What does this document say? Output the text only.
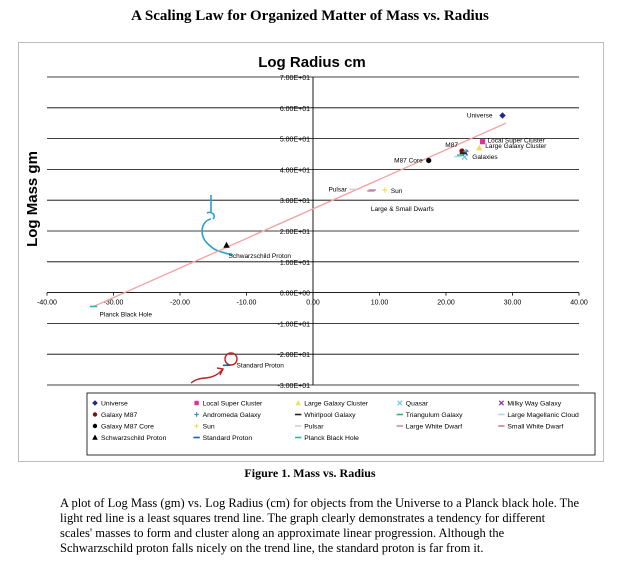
A Scaling Law for Organized Matter of Mass vs. Radius
-3.00E+01
-2.00E+01
-1.00E+01
0.00E+00
1.00E+01
2.00E+01
3.00E+01
4.00E+01
5.00E+01
6.00E+01
7.00E+01
-40.00	-30.00	-20.00	-10.00	0.00	10.00	20.00	30.00	40.00
Universe
Local Super Cluster
Large Galaxy Cluster
Galaxies
M87
M87 Core
Sun
Pulsar
Large & Small Dwarfs
Schwarzschild Proton
Standard Proton
Planck Black Hole
Log Radius cm
Log Mass gm
Universe	Local Super Cluster	Large Galaxy Cluster	Quasar	Milky Way Galaxy
Galaxy M87	Andromeda Galaxy	Whirlpool Galaxy	Triangulum Galaxy	Large Magellanic Cloud
Galaxy M87 Core	Sun	Pulsar	Large White Dwarf	Small White Dwarf
Schwarzschild Proton	Standard Proton	Planck Black Hole
Figure 1. Mass vs. Radius

A plot of Log Mass (gm) vs. Log Radius (cm) for objects from the Universe to a Planck black hole. The light red line is a least squares trend line. The graph clearly demonstrates a tendency for different scales' masses to form and cluster along an approximate linear progression. Although the Schwarzschild proton falls nicely on the trend line, the standard proton is far from it.
